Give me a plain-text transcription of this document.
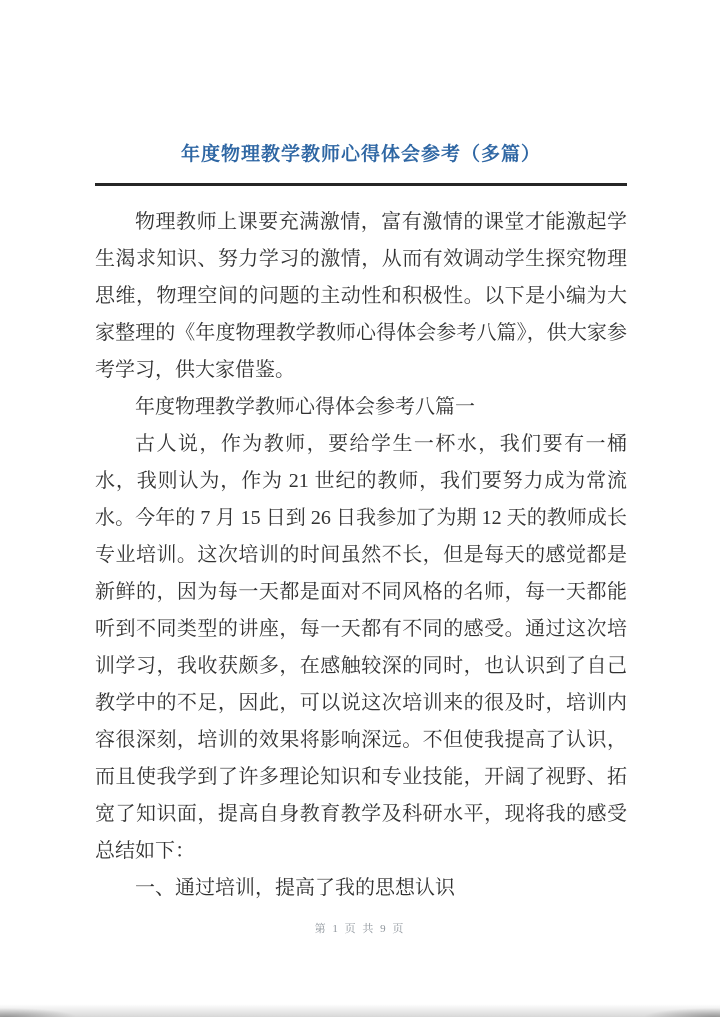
年度物理教学教师心得体会参考（多篇）

物理教师上课要充满激情，富有激情的课堂才能激起学生渴求知识、努力学习的激情，从而有效调动学生探究物理思维，物理空间的问题的主动性和积极性。以下是小编为大家整理的《年度物理教学教师心得体会参考八篇》，供大家参考学习，供大家借鉴。

年度物理教学教师心得体会参考八篇一

古人说，作为教师，要给学生一杯水，我们要有一桶水，我则认为，作为 21 世纪的教师，我们要努力成为常流水。今年的 7 月 15 日到 26 日我参加了为期 12 天的教师成长专业培训。这次培训的时间虽然不长，但是每天的感觉都是新鲜的，因为每一天都是面对不同风格的名师，每一天都能听到不同类型的讲座，每一天都有不同的感受。通过这次培训学习，我收获颇多，在感触较深的同时，也认识到了自己教学中的不足，因此，可以说这次培训来的很及时，培训内容很深刻，培训的效果将影响深远。不但使我提高了认识，而且使我学到了许多理论知识和专业技能，开阔了视野、拓宽了知识面，提高自身教育教学及科研水平，现将我的感受总结如下：

一、通过培训，提高了我的思想认识

第 1 页 共 9 页
